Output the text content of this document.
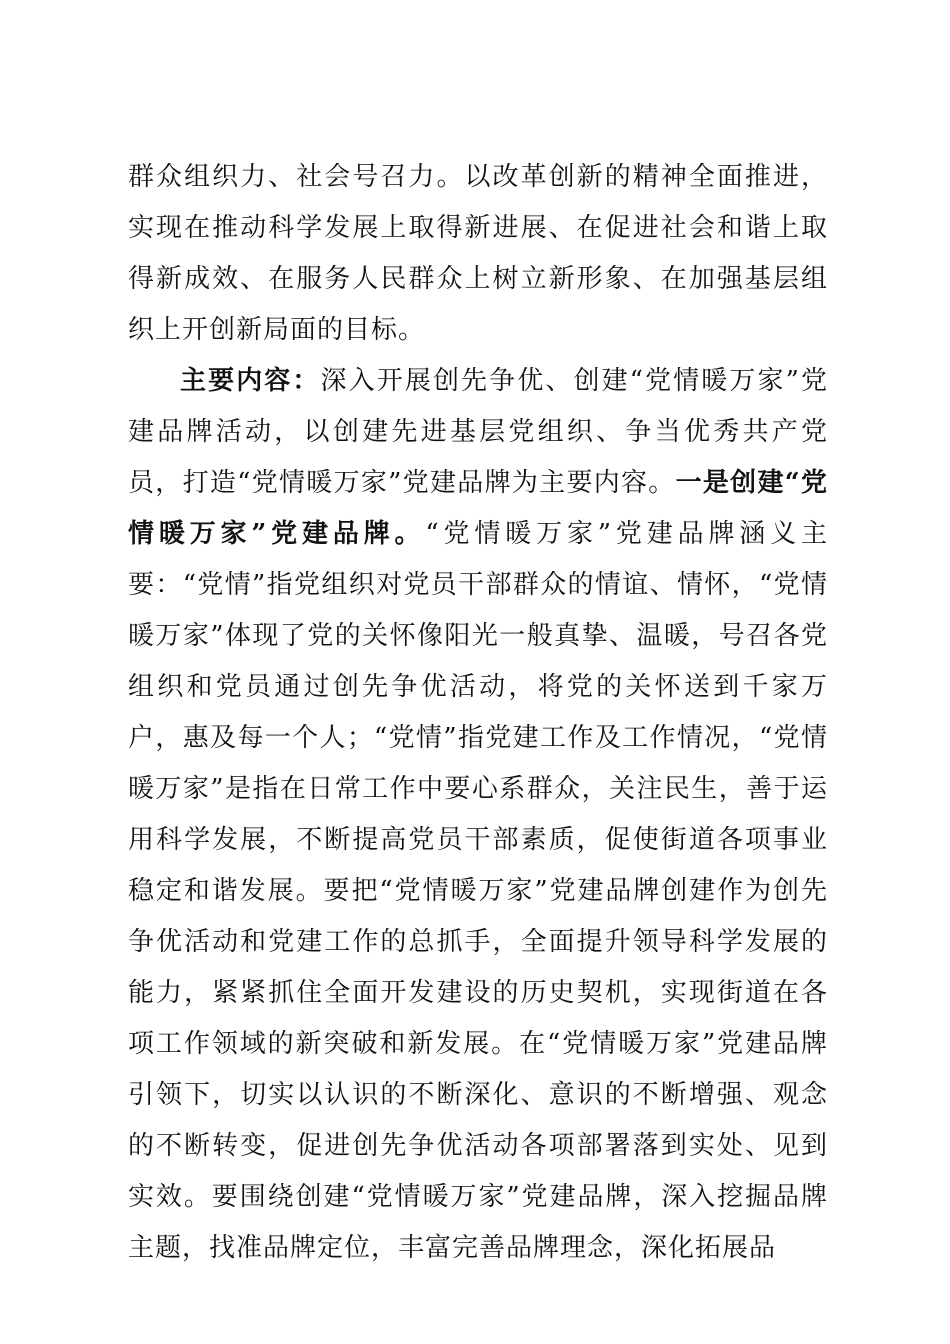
群众组织力、社会号召力。以改革创新的精神全面推进，实现在推动科学发展上取得新进展、在促进社会和谐上取得新成效、在服务人民群众上树立新形象、在加强基层组织上开创新局面的目标。

主要内容：深入开展创先争优、创建“党情暖万家”党建品牌活动，以创建先进基层党组织、争当优秀共产党员，打造“党情暖万家”党建品牌为主要内容。一是创建“党情暖万家”党建品牌。“党情暖万家”党建品牌涵义主要：“党情”指党组织对党员干部群众的情谊、情怀，“党情暖万家”体现了党的关怀像阳光一般真挚、温暖，号召各党组织和党员通过创先争优活动，将党的关怀送到千家万户，惠及每一个人；“党情”指党建工作及工作情况，“党情暖万家”是指在日常工作中要心系群众，关注民生，善于运用科学发展，不断提高党员干部素质，促使街道各项事业稳定和谐发展。要把“党情暖万家”党建品牌创建作为创先争优活动和党建工作的总抓手，全面提升领导科学发展的能力，紧紧抓住全面开发建设的历史契机，实现街道在各项工作领域的新突破和新发展。在“党情暖万家”党建品牌引领下，切实以认识的不断深化、意识的不断增强、观念的不断转变，促进创先争优活动各项部署落到实处、见到实效。要围绕创建“党情暖万家”党建品牌，深入挖掘品牌主题，找准品牌定位，丰富完善品牌理念，深化拓展品
